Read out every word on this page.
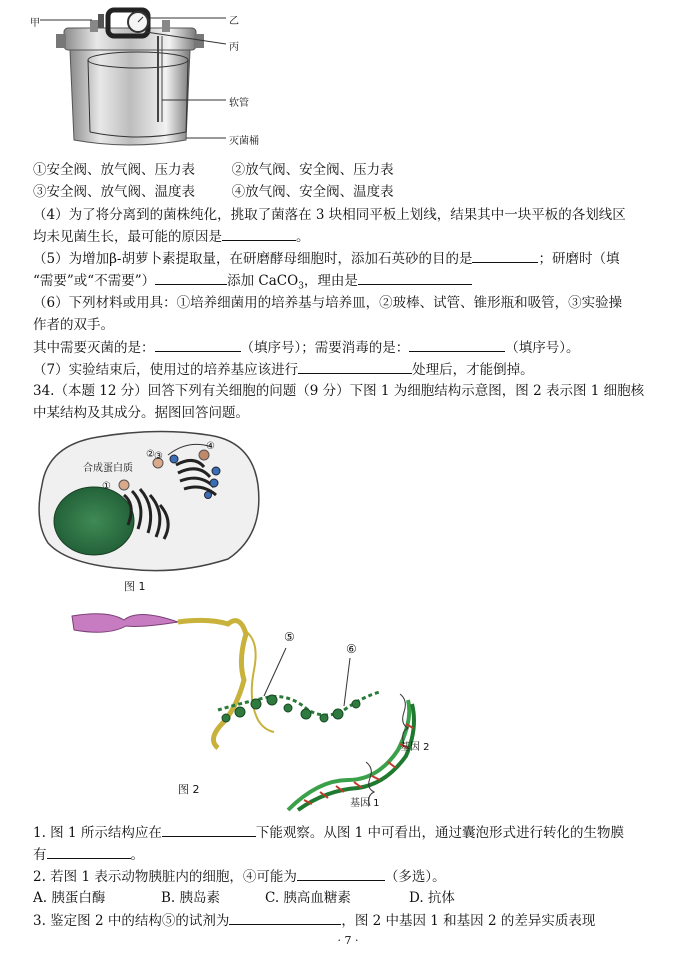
甲	乙
丙
软管
灭菌桶
①安全阀、放气阀、压力表	②放气阀、安全阀、压力表
③安全阀、放气阀、温度表	④放气阀、安全阀、温度表
（4）为了将分离到的菌株纯化，挑取了菌落在 3 块相同平板上划线，结果其中一块平板的各划线区
均未见菌生长，最可能的原因是	。
（5）为增加β-胡萝卜素提取量，在研磨酵母细胞时，添加石英砂的目的是	；研磨时（填
“需要”或“不需要”）	添加 CaCO$_3$，理由是
（6）下列材料或用具：①培养细菌用的培养基与培养皿，②玻棒、试管、锥形瓶和吸管，③实验操
作者的双手。
其中需要灭菌的是：	（填序号）；需要消毒的是：	（填序号）。
（7）实验结束后，使用过的培养基应该进行	处理后，才能倒掉。
34.（本题 12 分）回答下列有关细胞的问题（9 分）下图 1 为细胞结构示意图，图 2 表示图 1 细胞核
中某结构及其成分。据图回答问题。
合成蛋白质
①
② ③
④
图 1
⑤
⑥
基因 2
基因 1
图 2
1. 图 1 所示结构应在	下能观察。从图 1 中可看出，通过囊泡形式进行转化的生物膜
有	。
2. 若图 1 表示动物胰脏内的细胞，④可能为	（多选）。
A. 胰蛋白酶	B. 胰岛素	C. 胰高血糖素	D. 抗体
3. 鉴定图 2 中的结构⑤的试剂为	，图 2 中基因 1 和基因 2 的差异实质表现
· 7 ·
